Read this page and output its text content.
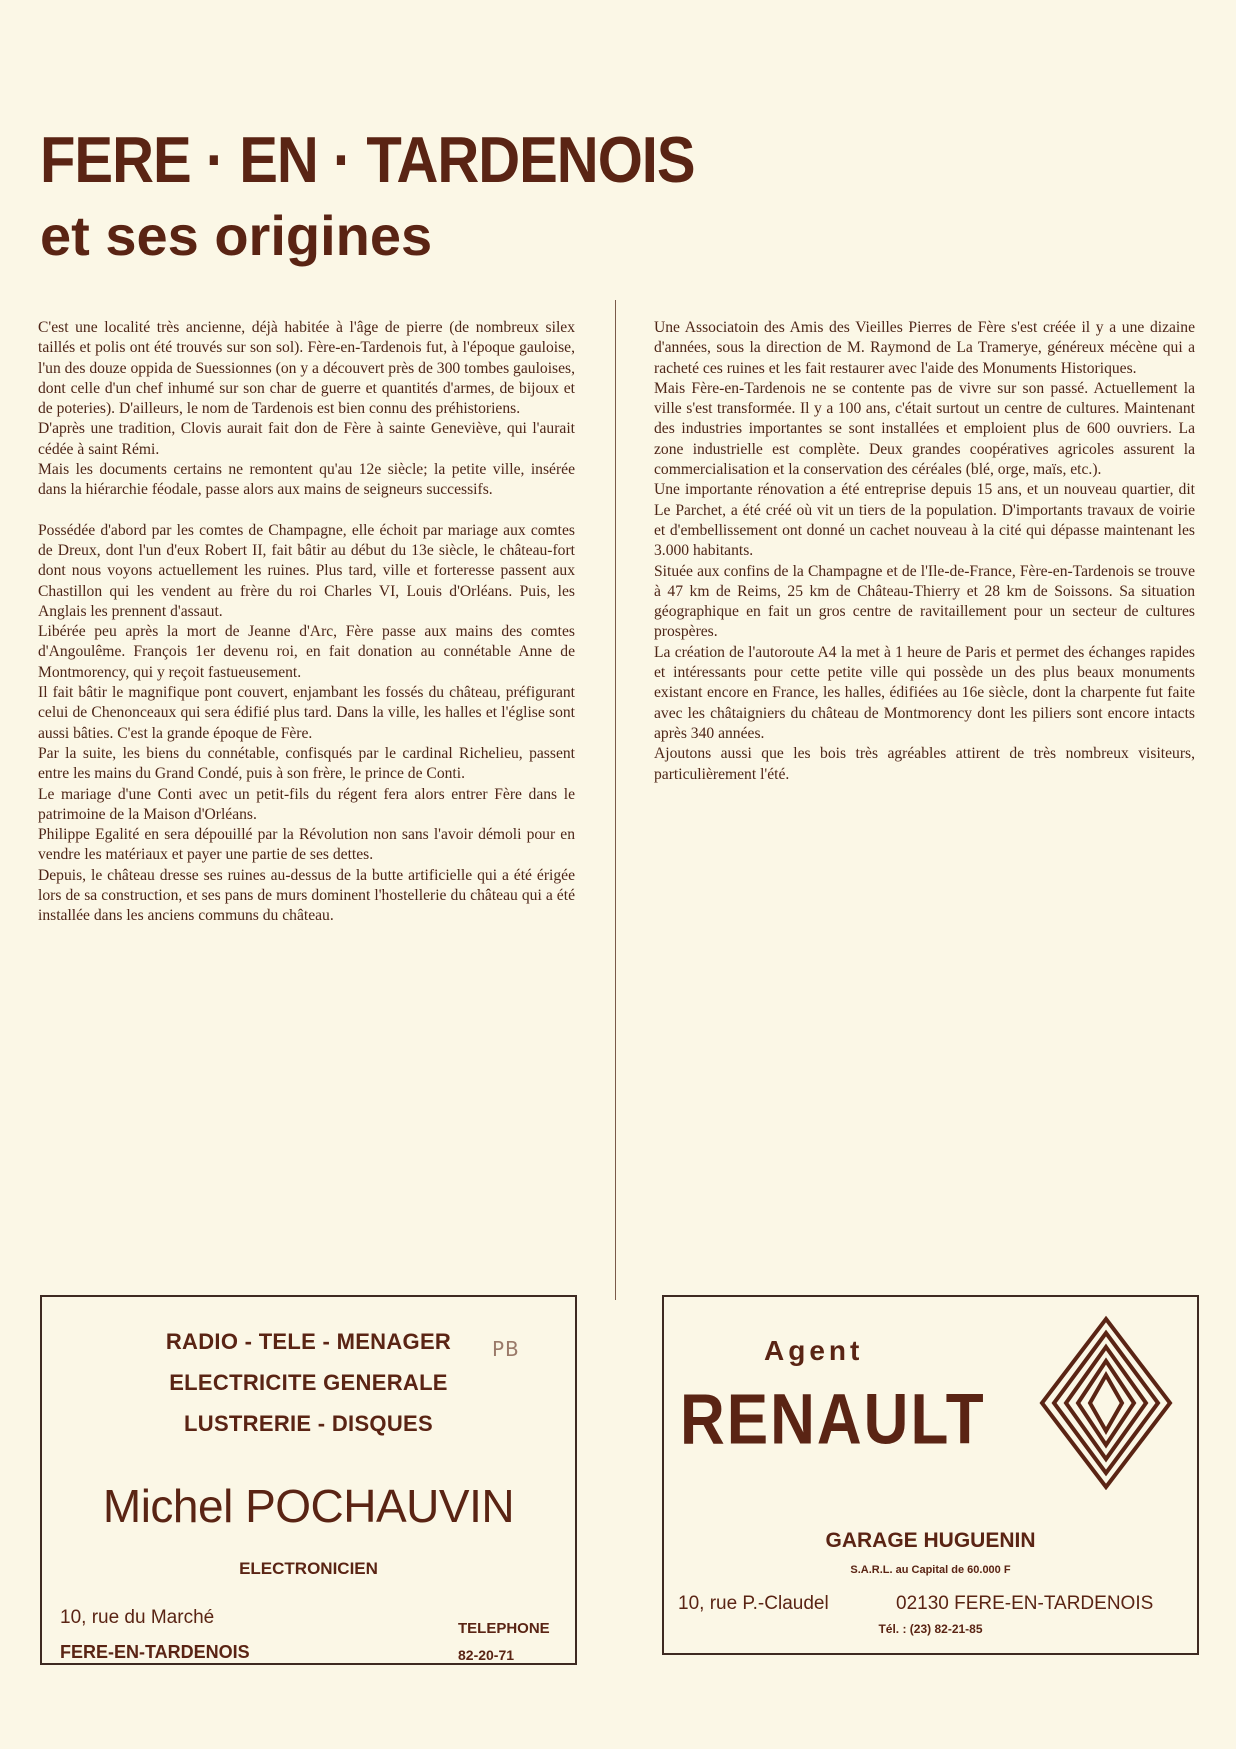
FERE · EN · TARDENOIS
et ses origines

C'est une localité très ancienne, déjà habitée à l'âge de pierre (de nombreux silex taillés et polis ont été trouvés sur son sol). Fère-en-Tardenois fut, à l'époque gauloise, l'un des douze oppida de Suessionnes (on y a découvert près de 300 tombes gauloises, dont celle d'un chef inhumé sur son char de guerre et quantités d'armes, de bijoux et de poteries). D'ailleurs, le nom de Tardenois est bien connu des préhistoriens.

D'après une tradition, Clovis aurait fait don de Fère à sainte Geneviève, qui l'aurait cédée à saint Rémi.

Mais les documents certains ne remontent qu'au 12e siècle; la petite ville, insérée dans la hiérarchie féodale, passe alors aux mains de seigneurs successifs.

Possédée d'abord par les comtes de Champagne, elle échoit par mariage aux comtes de Dreux, dont l'un d'eux Robert II, fait bâtir au début du 13e siècle, le château-fort dont nous voyons actuellement les ruines. Plus tard, ville et forteresse passent aux Chastillon qui les vendent au frère du roi Charles VI, Louis d'Orléans. Puis, les Anglais les prennent d'assaut.

Libérée peu après la mort de Jeanne d'Arc, Fère passe aux mains des comtes d'Angoulême. François 1er devenu roi, en fait donation au connétable Anne de Montmorency, qui y reçoit fastueusement.

Il fait bâtir le magnifique pont couvert, enjambant les fossés du château, préfigurant celui de Chenonceaux qui sera édifié plus tard. Dans la ville, les halles et l'église sont aussi bâties. C'est la grande époque de Fère.

Par la suite, les biens du connétable, confisqués par le cardinal Richelieu, passent entre les mains du Grand Condé, puis à son frère, le prince de Conti.

Le mariage d'une Conti avec un petit-fils du régent fera alors entrer Fère dans le patrimoine de la Maison d'Orléans.

Philippe Egalité en sera dépouillé par la Révolution non sans l'avoir démoli pour en vendre les matériaux et payer une partie de ses dettes.

Depuis, le château dresse ses ruines au-dessus de la butte artificielle qui a été érigée lors de sa construction, et ses pans de murs dominent l'hostellerie du château qui a été installée dans les anciens communs du château.

Une Associatoin des Amis des Vieilles Pierres de Fère s'est créée il y a une dizaine d'années, sous la direction de M. Raymond de La Tramerye, généreux mécène qui a racheté ces ruines et les fait restaurer avec l'aide des Monuments Historiques.

Mais Fère-en-Tardenois ne se contente pas de vivre sur son passé. Actuellement la ville s'est transformée. Il y a 100 ans, c'était surtout un centre de cultures. Maintenant des industries importantes se sont installées et emploient plus de 600 ouvriers. La zone industrielle est complète. Deux grandes coopératives agricoles assurent la commercialisation et la conservation des céréales (blé, orge, maïs, etc.).

Une importante rénovation a été entreprise depuis 15 ans, et un nouveau quartier, dit Le Parchet, a été créé où vit un tiers de la population. D'importants travaux de voirie et d'embellissement ont donné un cachet nouveau à la cité qui dépasse maintenant les 3.000 habitants.

Située aux confins de la Champagne et de l'Ile-de-France, Fère-en-Tardenois se trouve à 47 km de Reims, 25 km de Château-Thierry et 28 km de Soissons. Sa situation géographique en fait un gros centre de ravitaillement pour un secteur de cultures prospères.

La création de l'autoroute A4 la met à 1 heure de Paris et permet des échanges rapides et intéressants pour cette petite ville qui possède un des plus beaux monuments existant encore en France, les halles, édifiées au 16e siècle, dont la charpente fut faite avec les châtaigniers du château de Montmorency dont les piliers sont encore intacts après 340 années.

Ajoutons aussi que les bois très agréables attirent de très nombreux visiteurs, particulièrement l'été.

RADIO - TELE - MENAGER	PB
ELECTRICITE GENERALE
LUSTRERIE - DISQUES
Michel POCHAUVIN
ELECTRONICIEN
10, rue du Marché
FERE-EN-TARDENOIS
TELEPHONE
82-20-71
Agent
RENAULT
GARAGE HUGUENIN
S.A.R.L. au Capital de 60.000 F
10, rue P.-Claudel	02130 FERE-EN-TARDENOIS
Tél. : (23) 82-21-85
